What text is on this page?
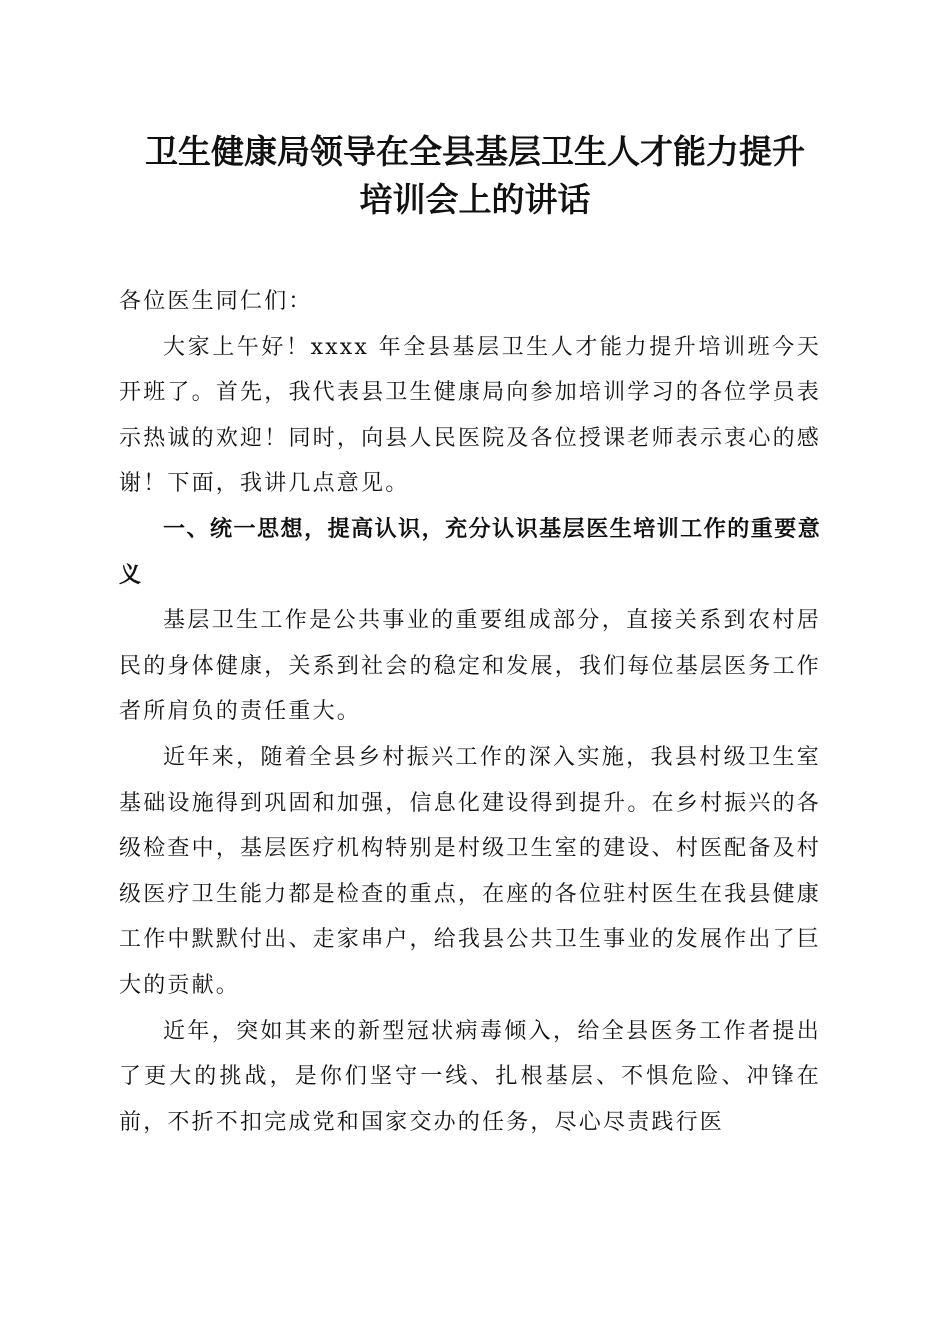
卫生健康局领导在全县基层卫生人才能力提升
培训会上的讲话

各位医生同仁们：

大家上午好！xxxx 年全县基层卫生人才能力提升培训班今天开班了。首先，我代表县卫生健康局向参加培训学习的各位学员表示热诚的欢迎！同时，向县人民医院及各位授课老师表示衷心的感谢！下面，我讲几点意见。

一、统一思想，提高认识，充分认识基层医生培训工作的重要意义

基层卫生工作是公共事业的重要组成部分，直接关系到农村居民的身体健康，关系到社会的稳定和发展，我们每位基层医务工作者所肩负的责任重大。

近年来，随着全县乡村振兴工作的深入实施，我县村级卫生室基础设施得到巩固和加强，信息化建设得到提升。在乡村振兴的各级检查中，基层医疗机构特别是村级卫生室的建设、村医配备及村级医疗卫生能力都是检查的重点，在座的各位驻村医生在我县健康工作中默默付出、走家串户，给我县公共卫生事业的发展作出了巨大的贡献。

近年，突如其来的新型冠状病毒倾入，给全县医务工作者提出了更大的挑战，是你们坚守一线、扎根基层、不惧危险、冲锋在前，不折不扣完成党和国家交办的任务，尽心尽责践行医
